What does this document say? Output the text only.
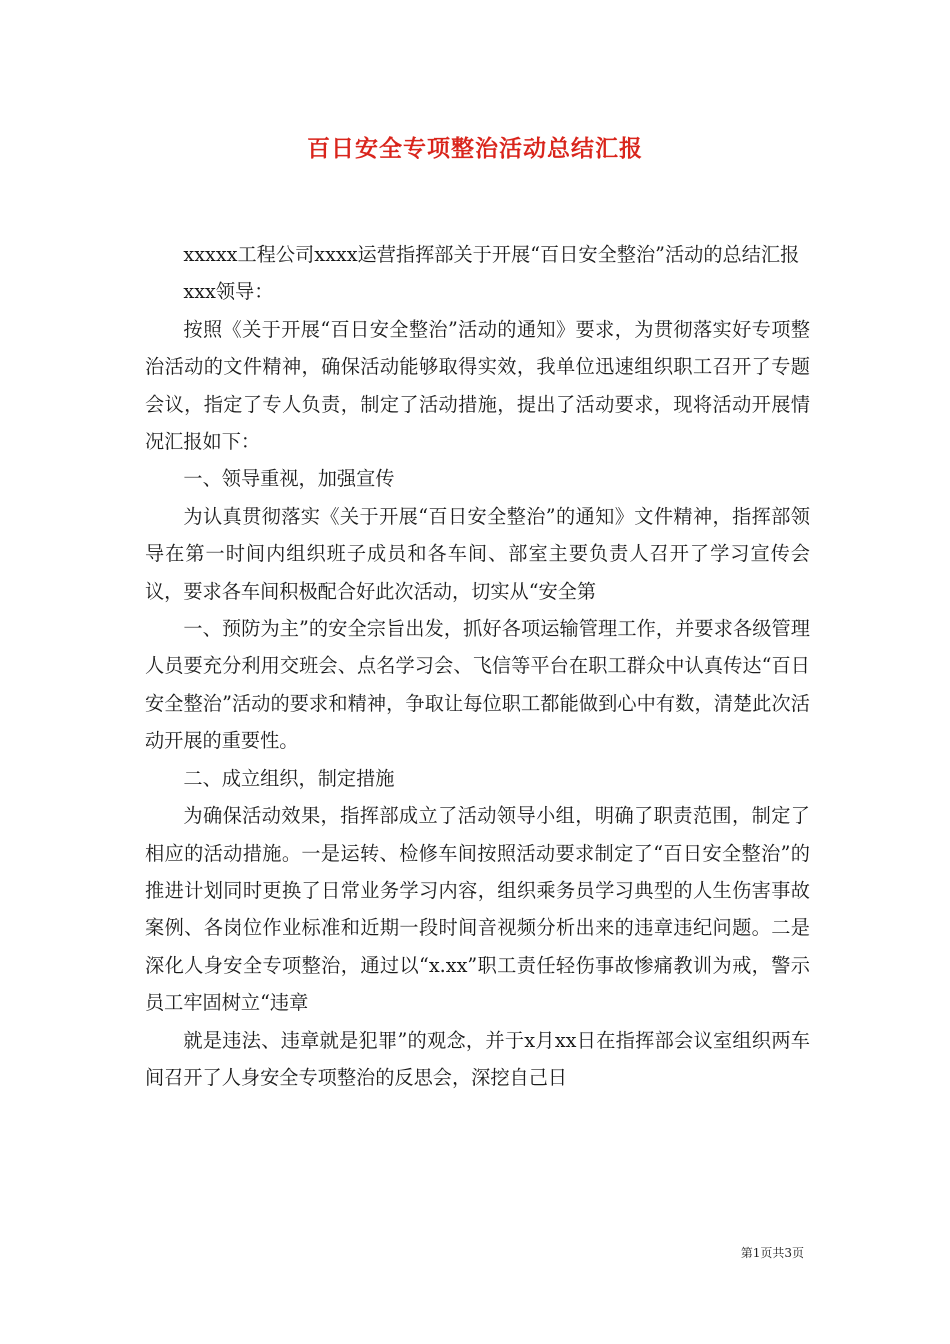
百日安全专项整治活动总结汇报

xxxxx工程公司xxxx运营指挥部关于开展“百日安全整治”活动的总结汇报

xxx领导：

按照《关于开展“百日安全整治”活动的通知》要求，为贯彻落实好专项整治活动的文件精神，确保活动能够取得实效，我单位迅速组织职工召开了专题会议，指定了专人负责，制定了活动措施，提出了活动要求，现将活动开展情况汇报如下：

一、领导重视，加强宣传

为认真贯彻落实《关于开展“百日安全整治”的通知》文件精神，指挥部领导在第一时间内组织班子成员和各车间、部室主要负责人召开了学习宣传会议，要求各车间积极配合好此次活动，切实从“安全第

一、预防为主”的安全宗旨出发，抓好各项运输管理工作，并要求各级管理人员要充分利用交班会、点名学习会、飞信等平台在职工群众中认真传达“百日安全整治”活动的要求和精神，争取让每位职工都能做到心中有数，清楚此次活动开展的重要性。

二、成立组织，制定措施

为确保活动效果，指挥部成立了活动领导小组，明确了职责范围，制定了相应的活动措施。一是运转、检修车间按照活动要求制定了“百日安全整治”的推进计划同时更换了日常业务学习内容，组织乘务员学习典型的人生伤害事故案例、各岗位作业标准和近期一段时间音视频分析出来的违章违纪问题。二是深化人身安全专项整治，通过以“x.xx”职工责任轻伤事故惨痛教训为戒，警示员工牢固树立“违章

就是违法、违章就是犯罪”的观念，并于x月xx日在指挥部会议室组织两车间召开了人身安全专项整治的反思会，深挖自己日

第1页共3页
